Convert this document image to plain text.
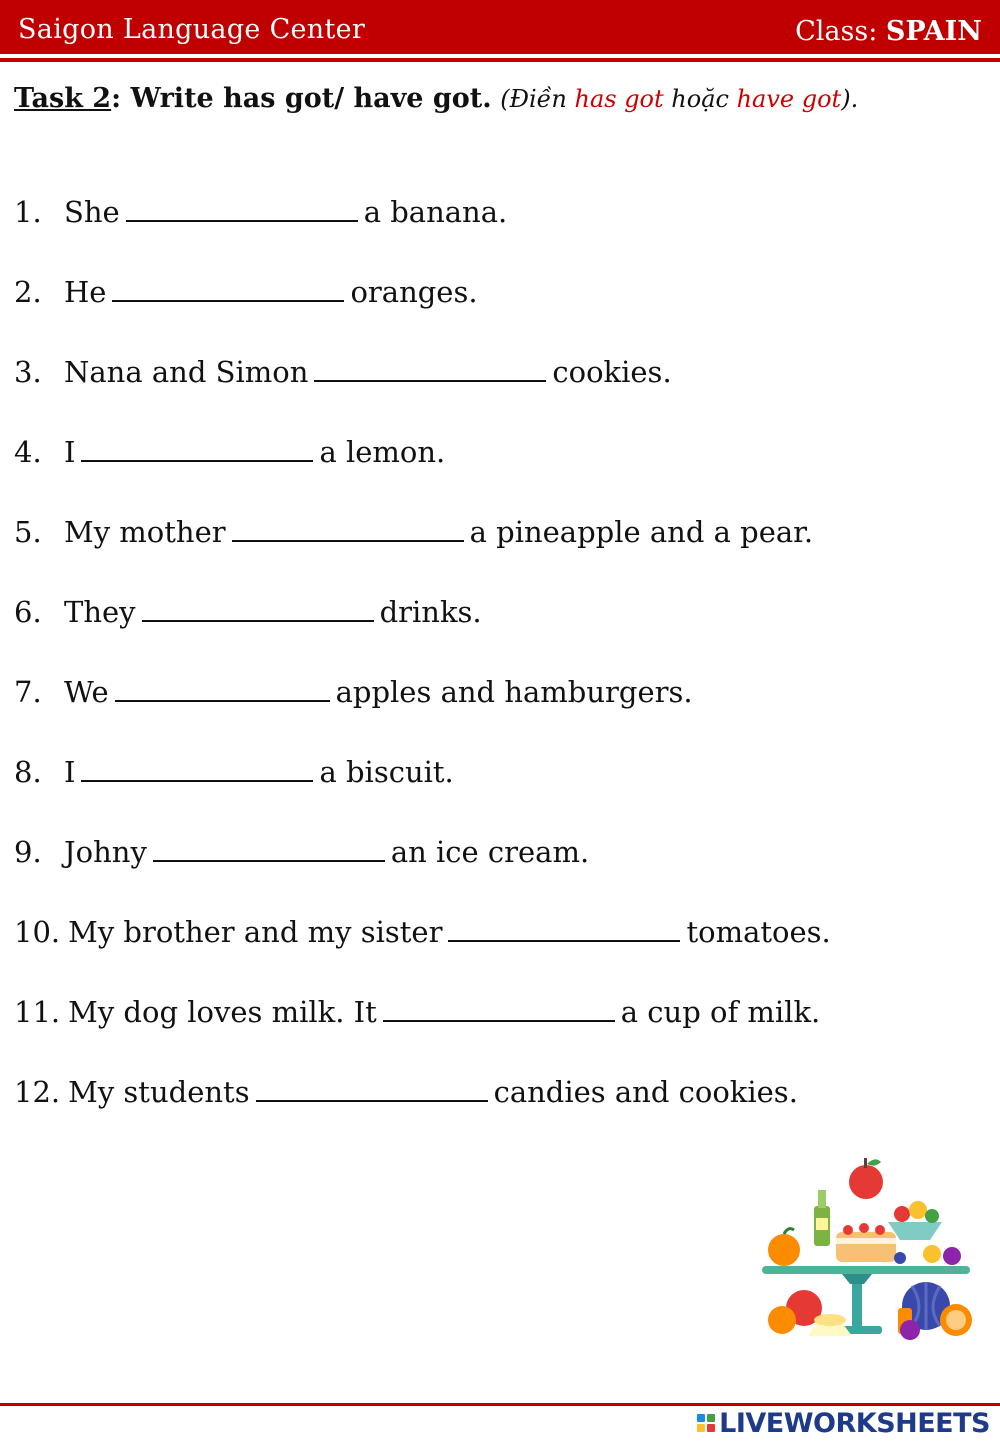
Saigon Language Center	Class: SPAIN
Task 2: Write has got/ have got. (Điền has got hoặc have got).
1. She	a banana.
2. He	oranges.
3. Nana and Simon	cookies.
4. I	a lemon.
5. My mother	a pineapple and a pear.
6. They	drinks.
7. We	apples and hamburgers.
8. I	a biscuit.
9. Johny	an ice cream.
10. My brother and my sister	tomatoes.
11. My dog loves milk. It	a cup of milk.
12. My students	candies and cookies.
LIVEWORKSHEETS
